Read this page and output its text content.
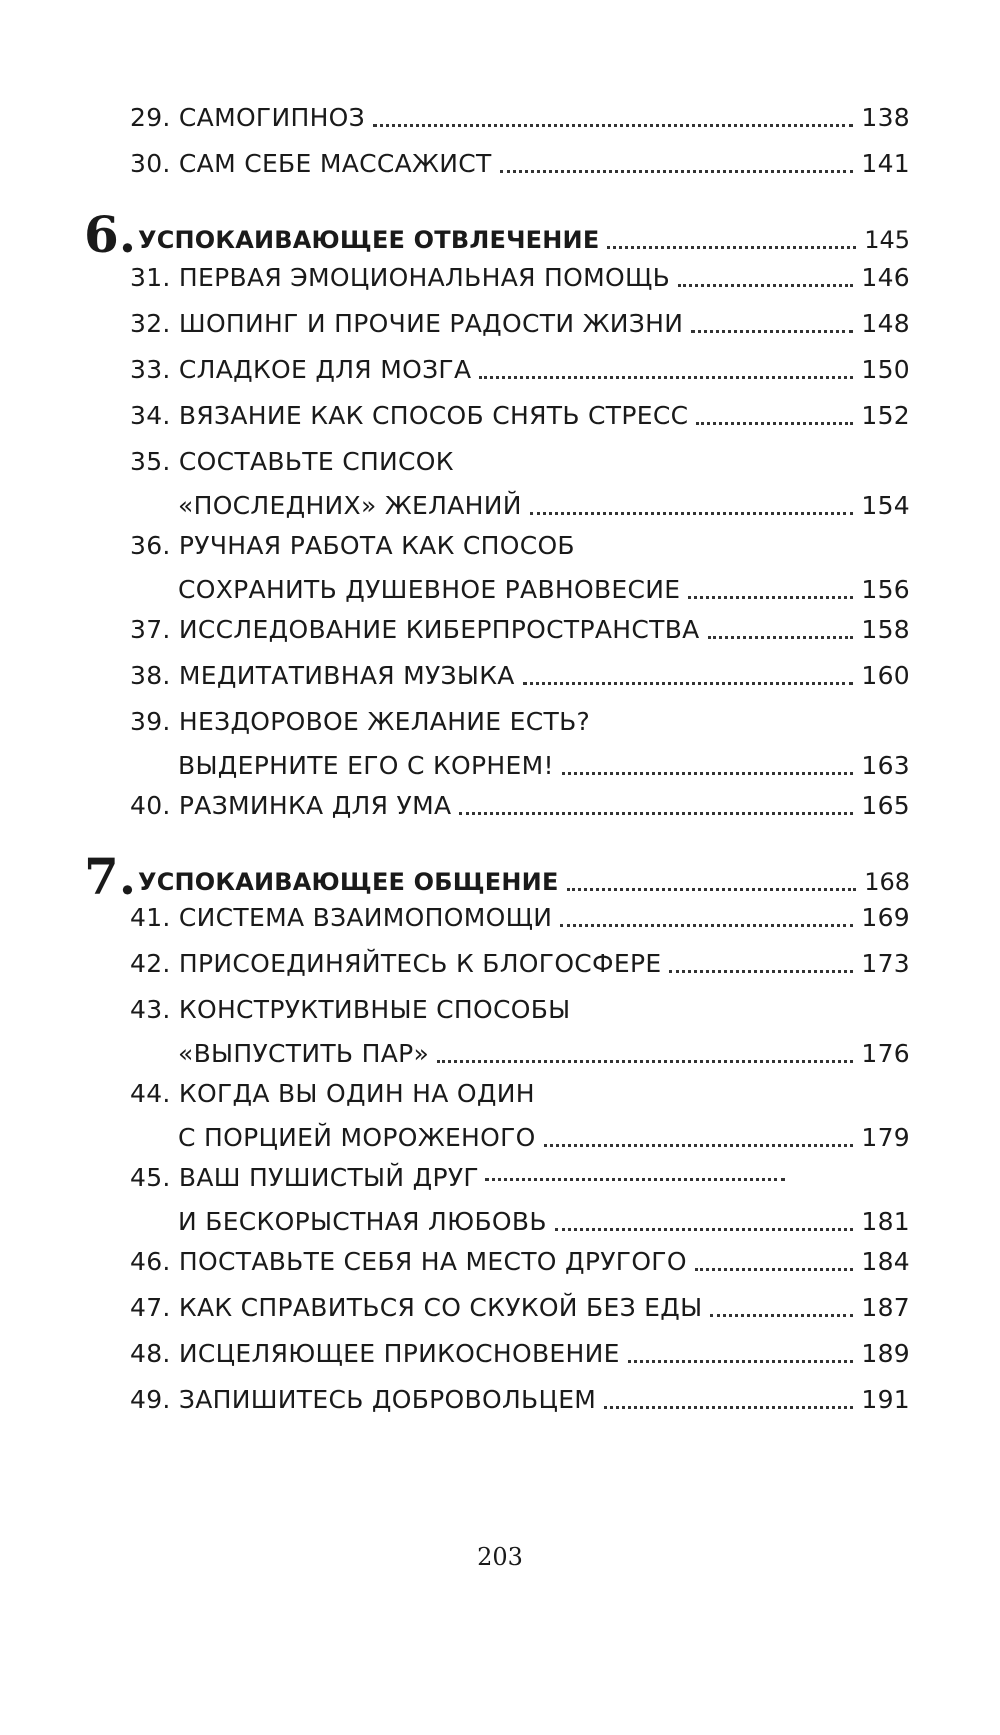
29. САМОГИПНОЗ	138
30. САМ СЕБЕ МАССАЖИСТ	141
6. УСПОКАИВАЮЩЕЕ ОТВЛЕЧЕНИЕ	145
31. ПЕРВАЯ ЭМОЦИОНАЛЬНАЯ ПОМОЩЬ	146
32. ШОПИНГ И ПРОЧИЕ РАДОСТИ ЖИЗНИ	148
33. СЛАДКОЕ ДЛЯ МОЗГА	150
34. ВЯЗАНИЕ КАК СПОСОБ СНЯТЬ СТРЕСС	152
35. СОСТАВЬТЕ СПИСОК
«ПОСЛЕДНИХ» ЖЕЛАНИЙ	154
36. РУЧНАЯ РАБОТА КАК СПОСОБ
СОХРАНИТЬ ДУШЕВНОЕ РАВНОВЕСИЕ	156
37. ИССЛЕДОВАНИЕ КИБЕРПРОСТРАНСТВА	158
38. МЕДИТАТИВНАЯ МУЗЫКА	160
39. НЕЗДОРОВОЕ ЖЕЛАНИЕ ЕСТЬ?
ВЫДЕРНИТЕ ЕГО С КОРНЕМ!	163
40. РАЗМИНКА ДЛЯ УМА	165
7. УСПОКАИВАЮЩЕЕ ОБЩЕНИЕ	168
41. СИСТЕМА ВЗАИМОПОМОЩИ	169
42. ПРИСОЕДИНЯЙТЕСЬ К БЛОГОСФЕРЕ	173
43. КОНСТРУКТИВНЫЕ СПОСОБЫ
«ВЫПУСТИТЬ ПАР»	176
44. КОГДА ВЫ ОДИН НА ОДИН
С ПОРЦИЕЙ МОРОЖЕНОГО	179
45. ВАШ ПУШИСТЫЙ ДРУГ
И БЕСКОРЫСТНАЯ ЛЮБОВЬ	181
46. ПОСТАВЬТЕ СЕБЯ НА МЕСТО ДРУГОГО	184
47. КАК СПРАВИТЬСЯ СО СКУКОЙ БЕЗ ЕДЫ	187
48. ИСЦЕЛЯЮЩЕЕ ПРИКОСНОВЕНИЕ	189
49. ЗАПИШИТЕСЬ ДОБРОВОЛЬЦЕМ	191
203
